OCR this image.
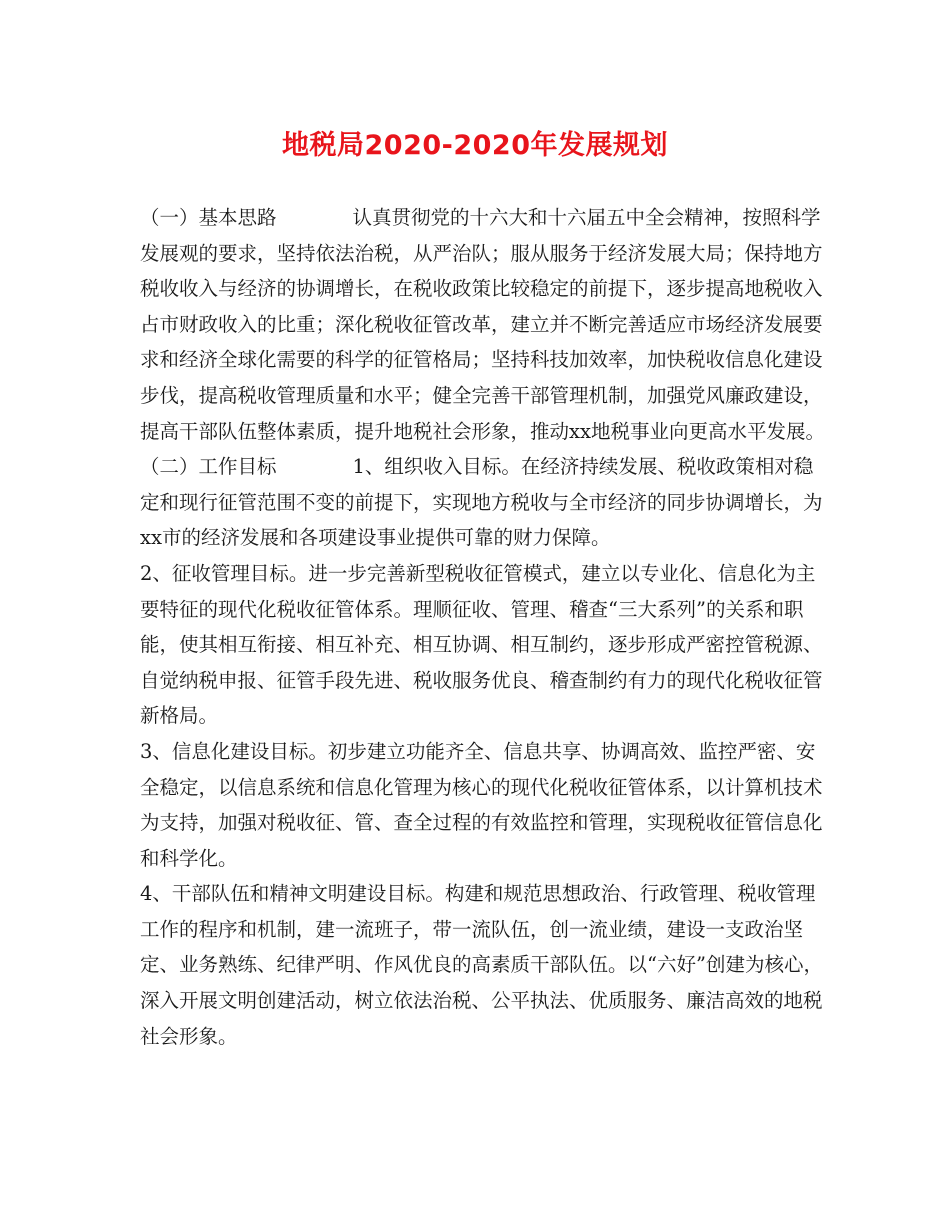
地税局2020-2020年发展规划

（一）基本思路	认真贯彻党的十六大和十六届五中全会精神，按照科学发展观的要求，坚持依法治税，从严治队；服从服务于经济发展大局；保持地方税收收入与经济的协调增长，在税收政策比较稳定的前提下，逐步提高地税收入占市财政收入的比重；深化税收征管改革，建立并不断完善适应市场经济发展要求和经济全球化需要的科学的征管格局；坚持科技加效率，加快税收信息化建设步伐，提高税收管理质量和水平；健全完善干部管理机制，加强党风廉政建设，提高干部队伍整体素质，提升地税社会形象，推动xx地税事业向更高水平发展。

（二）工作目标	1、组织收入目标。在经济持续发展、税收政策相对稳定和现行征管范围不变的前提下，实现地方税收与全市经济的同步协调增长，为xx市的经济发展和各项建设事业提供可靠的财力保障。

2、征收管理目标。进一步完善新型税收征管模式，建立以专业化、信息化为主要特征的现代化税收征管体系。理顺征收、管理、稽查“三大系列”的关系和职能，使其相互衔接、相互补充、相互协调、相互制约，逐步形成严密控管税源、自觉纳税申报、征管手段先进、税收服务优良、稽查制约有力的现代化税收征管新格局。

3、信息化建设目标。初步建立功能齐全、信息共享、协调高效、监控严密、安全稳定，以信息系统和信息化管理为核心的现代化税收征管体系，以计算机技术为支持，加强对税收征、管、查全过程的有效监控和管理，实现税收征管信息化和科学化。

4、干部队伍和精神文明建设目标。构建和规范思想政治、行政管理、税收管理工作的程序和机制，建一流班子，带一流队伍，创一流业绩，建设一支政治坚定、业务熟练、纪律严明、作风优良的高素质干部队伍。以“六好”创建为核心，深入开展文明创建活动，树立依法治税、公平执法、优质服务、廉洁高效的地税社会形象。
